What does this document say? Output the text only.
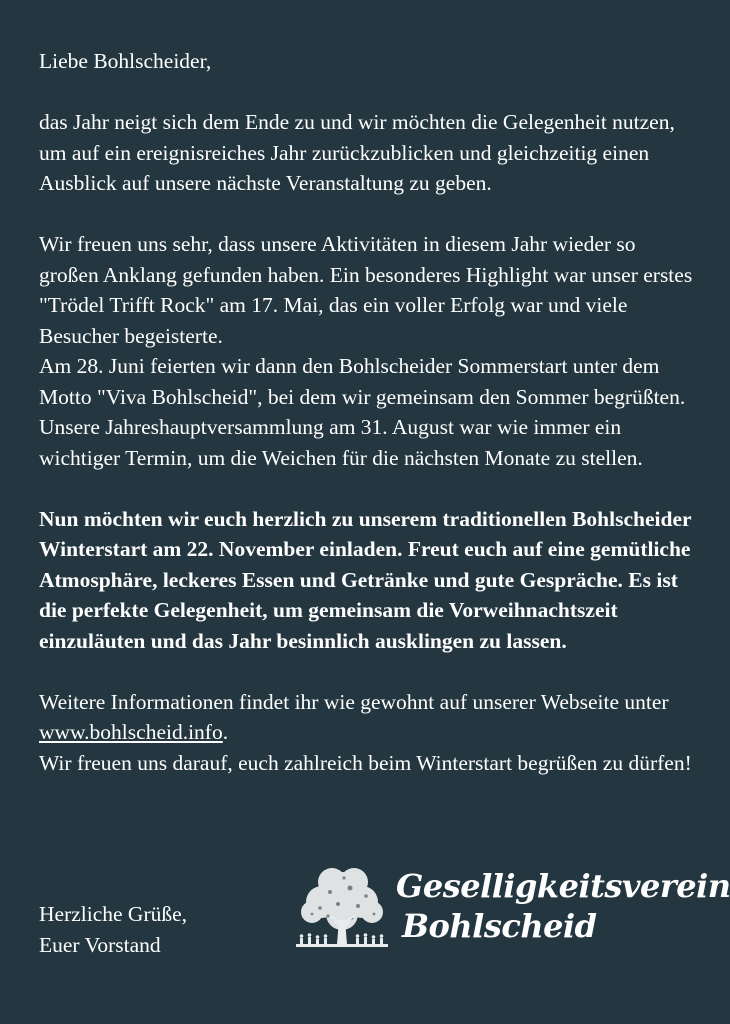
Liebe Bohlscheider,

das Jahr neigt sich dem Ende zu und wir möchten die Gelegenheit nutzen, um auf ein ereignisreiches Jahr zurückzublicken und gleichzeitig einen Ausblick auf unsere nächste Veranstaltung zu geben.

Wir freuen uns sehr, dass unsere Aktivitäten in diesem Jahr wieder so großen Anklang gefunden haben. Ein besonderes Highlight war unser erstes "Trödel Trifft Rock" am 17. Mai, das ein voller Erfolg war und viele Besucher begeisterte.
Am 28. Juni feierten wir dann den Bohlscheider Sommerstart unter dem Motto "Viva Bohlscheid", bei dem wir gemeinsam den Sommer begrüßten. Unsere Jahreshauptversammlung am 31. August war wie immer ein wichtiger Termin, um die Weichen für die nächsten Monate zu stellen.

Nun möchten wir euch herzlich zu unserem traditionellen Bohlscheider Winterstart am 22. November einladen. Freut euch auf eine gemütliche Atmosphäre, leckeres Essen und Getränke und gute Gespräche. Es ist die perfekte Gelegenheit, um gemeinsam die Vorweihnachtszeit einzuläuten und das Jahr besinnlich ausklingen zu lassen.

Weitere Informationen findet ihr wie gewohnt auf unserer Webseite unter www.bohlscheid.info.
Wir freuen uns darauf, euch zahlreich beim Winterstart begrüßen zu dürfen!

Herzliche Grüße,
Euer Vorstand
Geselligkeitsverein
Bohlscheid
